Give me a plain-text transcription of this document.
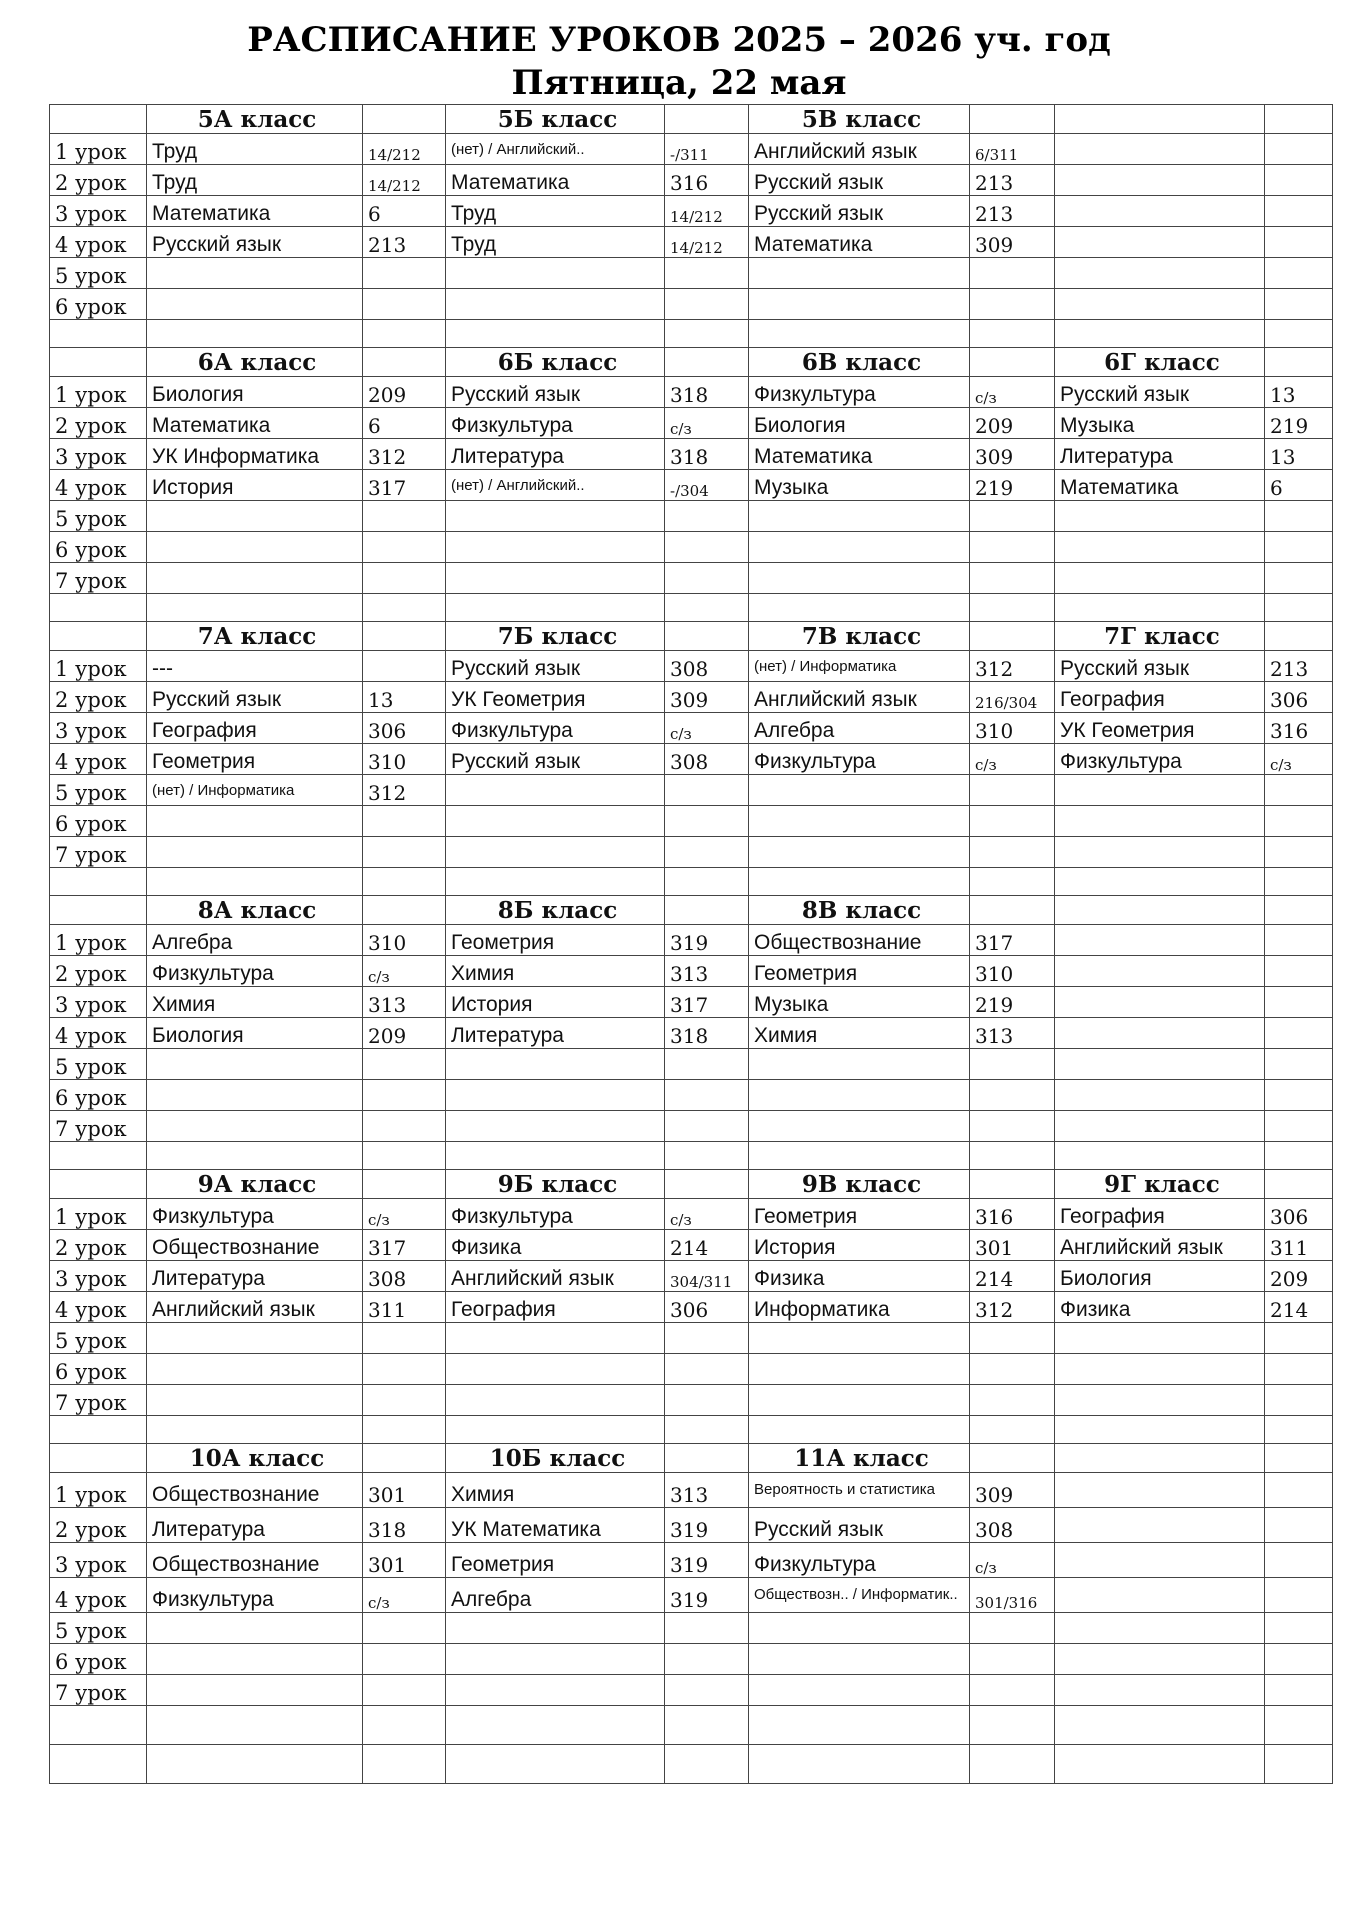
РАСПИСАНИЕ УРОКОВ 2025 – 2026 уч. год
Пятница, 22 мая
	5А класс		5Б класс		5В класс			
1 урок	Труд	14/212	(нет) / Английский..	-/311	Английский язык	6/311		
2 урок	Труд	14/212	Математика	316	Русский язык	213		
3 урок	Математика	6	Труд	14/212	Русский язык	213		
4 урок	Русский язык	213	Труд	14/212	Математика	309		
5 урок								
6 урок								

	6А класс		6Б класс		6В класс		6Г класс	
1 урок	Биология	209	Русский язык	318	Физкультура	с/з	Русский язык	13
2 урок	Математика	6	Физкультура	с/з	Биология	209	Музыка	219
3 урок	УК Информатика	312	Литература	318	Математика	309	Литература	13
4 урок	История	317	(нет) / Английский..	-/304	Музыка	219	Математика	6
5 урок								
6 урок								
7 урок								

	7А класс		7Б класс		7В класс		7Г класс	
1 урок	---		Русский язык	308	(нет) / Информатика	312	Русский язык	213
2 урок	Русский язык	13	УК Геометрия	309	Английский язык	216/304	География	306
3 урок	География	306	Физкультура	с/з	Алгебра	310	УК Геометрия	316
4 урок	Геометрия	310	Русский язык	308	Физкультура	с/з	Физкультура	с/з
5 урок	(нет) / Информатика	312						
6 урок								
7 урок								

	8А класс		8Б класс		8В класс			
1 урок	Алгебра	310	Геометрия	319	Обществознание	317		
2 урок	Физкультура	с/з	Химия	313	Геометрия	310		
3 урок	Химия	313	История	317	Музыка	219		
4 урок	Биология	209	Литература	318	Химия	313		
5 урок								
6 урок								
7 урок								

	9А класс		9Б класс		9В класс		9Г класс	
1 урок	Физкультура	с/з	Физкультура	с/з	Геометрия	316	География	306
2 урок	Обществознание	317	Физика	214	История	301	Английский язык	311
3 урок	Литература	308	Английский язык	304/311	Физика	214	Биология	209
4 урок	Английский язык	311	География	306	Информатика	312	Физика	214
5 урок								
6 урок								
7 урок								

	10А класс		10Б класс		11А класс			
1 урок	Обществознание	301	Химия	313	Вероятность и статистика	309		
2 урок	Литература	318	УК Математика	319	Русский язык	308		
3 урок	Обществознание	301	Геометрия	319	Физкультура	с/з		
4 урок	Физкультура	с/з	Алгебра	319	Обществозн.. / Информатик..	301/316		
5 урок								
6 урок								
7 урок								
